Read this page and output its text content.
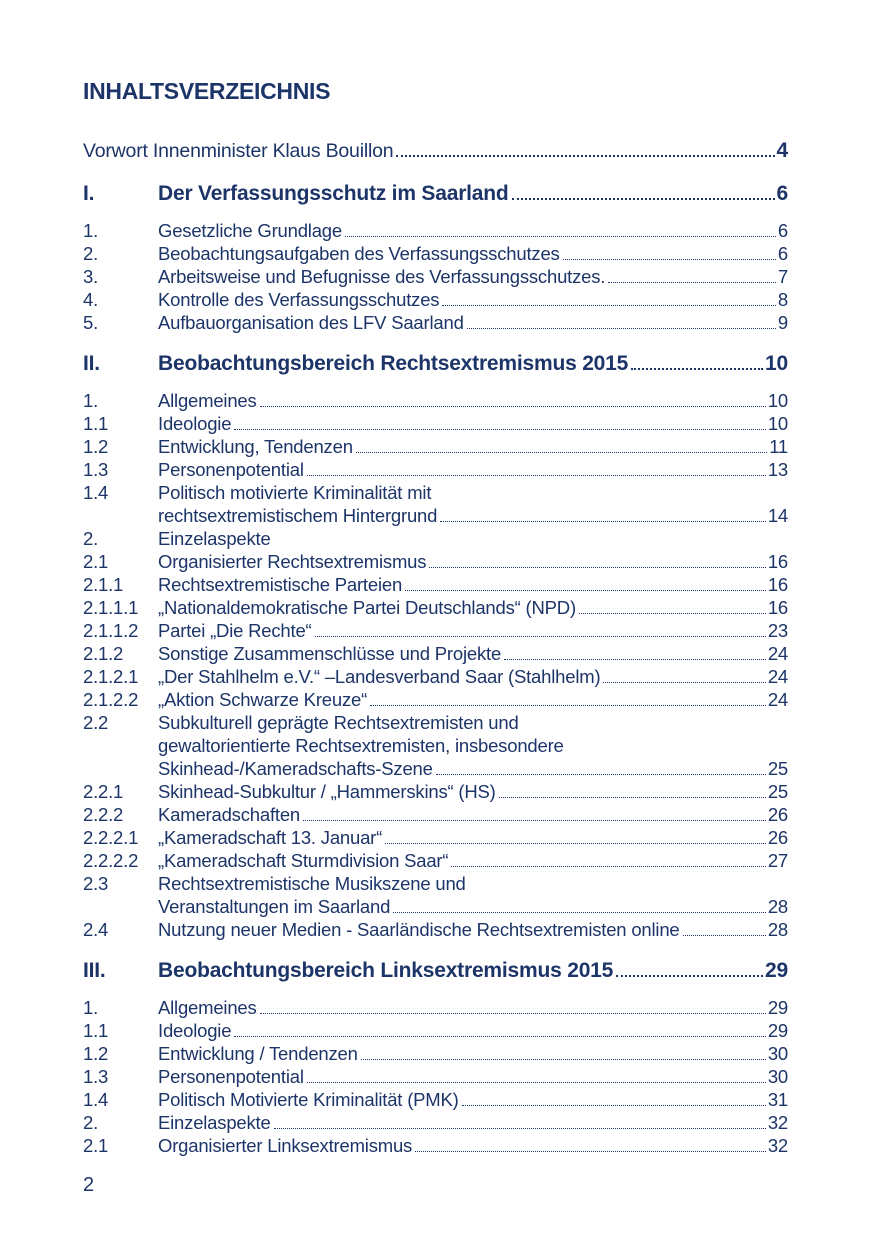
INHALTSVERZEICHNIS
Vorwort Innenminister Klaus Bouillon	4
I.	Der Verfassungsschutz im Saarland	6
1.	Gesetzliche Grundlage	6
2.	Beobachtungsaufgaben des Verfassungsschutzes	6
3.	Arbeitsweise und Befugnisse des Verfassungsschutzes.	7
4.	Kontrolle des Verfassungsschutzes	8
5.	Aufbauorganisation des LFV Saarland	9
II.	Beobachtungsbereich Rechtsextremismus 2015	10
1.	Allgemeines	10
1.1	Ideologie	10
1.2	Entwicklung, Tendenzen	11
1.3	Personenpotential	13
1.4	Politisch motivierte Kriminalität mit
rechtsextremistischem Hintergrund	14
2.	Einzelaspekte
2.1	Organisierter Rechtsextremismus	16
2.1.1	Rechtsextremistische Parteien	16
2.1.1.1	„Nationaldemokratische Partei Deutschlands“ (NPD)	16
2.1.1.2	Partei „Die Rechte“	23
2.1.2	Sonstige Zusammenschlüsse und Projekte	24
2.1.2.1	„Der Stahlhelm e.V.“ –Landesverband Saar (Stahlhelm)	24
2.1.2.2	„Aktion Schwarze Kreuze“	24
2.2	Subkulturell geprägte Rechtsextremisten und
gewaltorientierte Rechtsextremisten, insbesondere
Skinhead-/Kameradschafts-Szene	25
2.2.1	Skinhead-Subkultur / „Hammerskins“ (HS)	25
2.2.2	Kameradschaften	26
2.2.2.1	„Kameradschaft 13. Januar“	26
2.2.2.2	„Kameradschaft Sturmdivision Saar“	27
2.3	Rechtsextremistische Musikszene und
Veranstaltungen im Saarland	28
2.4	Nutzung neuer Medien - Saarländische Rechtsextremisten online	28
III.	Beobachtungsbereich Linksextremismus 2015	29
1.	Allgemeines	29
1.1	Ideologie	29
1.2	Entwicklung / Tendenzen	30
1.3	Personenpotential	30
1.4	Politisch Motivierte Kriminalität (PMK)	31
2.	Einzelaspekte	32
2.1	Organisierter Linksextremismus	32
2
